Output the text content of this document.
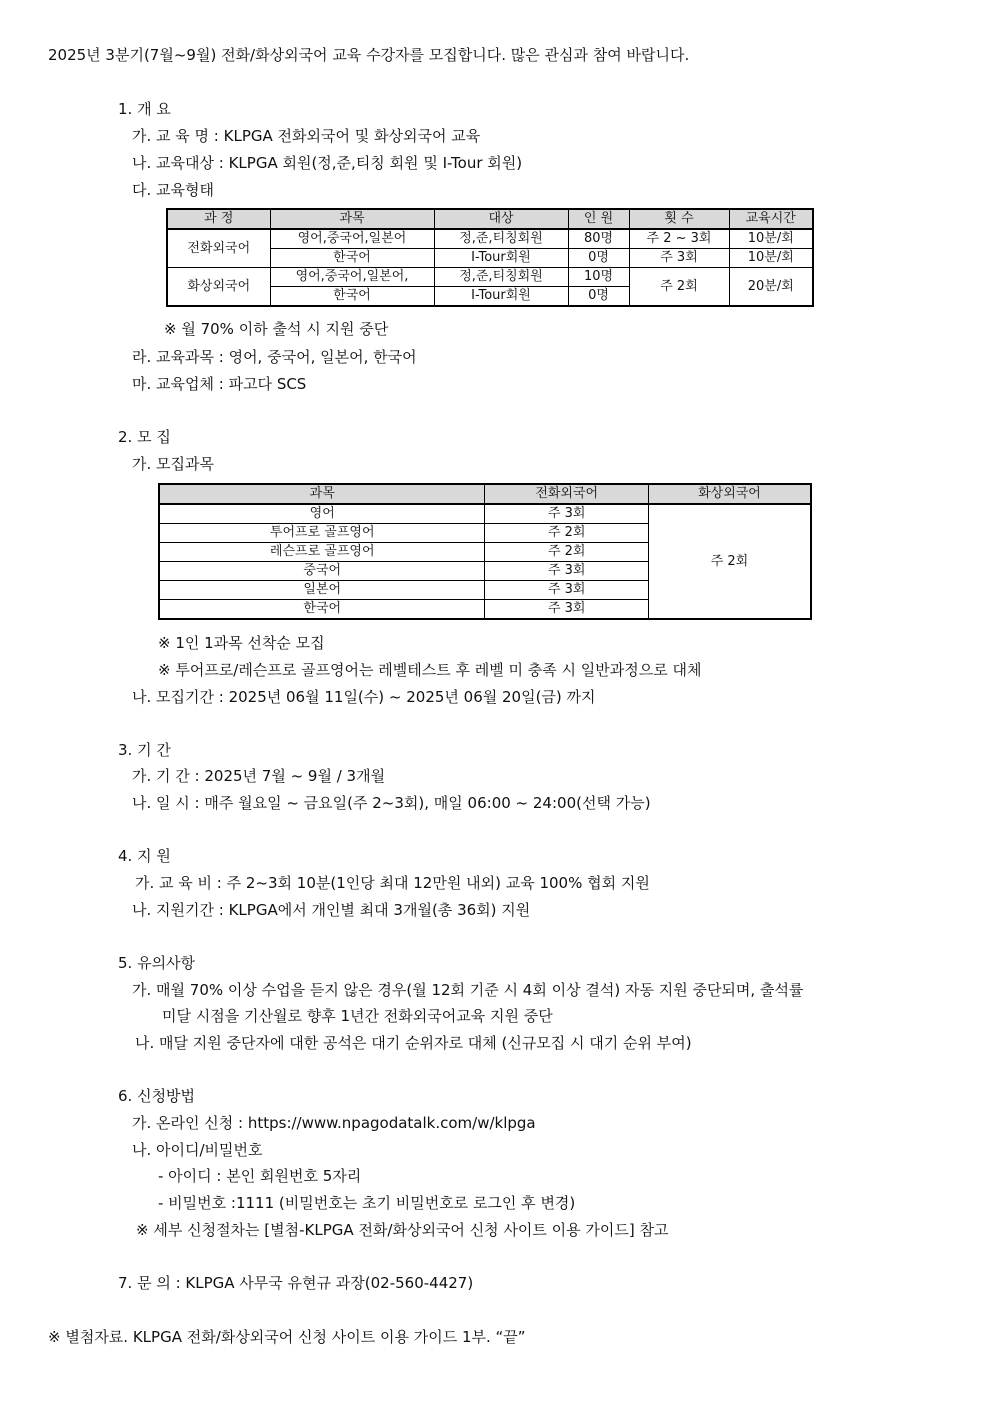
2025년 3분기(7월~9월) 전화/화상외국어 교육 수강자를 모집합니다. 많은 관심과 참여 바랍니다.
1. 개 요
가. 교 육 명 : KLPGA 전화외국어 및 화상외국어 교육
나. 교육대상 : KLPGA 회원(정,준,티칭 회원 및 I-Tour 회원)
다. 교육형태
과 정	과목	대상	인 원	횟 수	교육시간
전화외국어	영어,중국어,일본어	정,준,티칭회원	80명	주 2 ~ 3회	10분/회
	한국어	I-Tour회원	0명	주 3회	10분/회
화상외국어	영어,중국어,일본어,	정,준,티칭회원	10명	주 2회	20분/회
	한국어	I-Tour회원	0명		
※ 월 70% 이하 출석 시 지원 중단
라. 교육과목 : 영어, 중국어, 일본어, 한국어
마. 교육업체 : 파고다 SCS
2. 모 집
가. 모집과목
과목	전화외국어	화상외국어
영어	주 3회	주 2회
투어프로 골프영어	주 2회	
레슨프로 골프영어	주 2회	
중국어	주 3회	
일본어	주 3회	
한국어	주 3회	
※ 1인 1과목 선착순 모집
※ 투어프로/레슨프로 골프영어는 레벨테스트 후 레벨 미 충족 시 일반과정으로 대체
나. 모집기간 : 2025년 06월 11일(수) ~ 2025년 06월 20일(금) 까지
3. 기 간
가. 기 간 : 2025년 7월 ~ 9월 / 3개월
나. 일 시 : 매주 월요일 ~ 금요일(주 2~3회), 매일 06:00 ~ 24:00(선택 가능)
4. 지 원
가. 교 육 비 : 주 2~3회 10분(1인당 최대 12만원 내외) 교육 100% 협회 지원
나. 지원기간 : KLPGA에서 개인별 최대 3개월(총 36회) 지원
5. 유의사항
가. 매월 70% 이상 수업을 듣지 않은 경우(월 12회 기준 시 4회 이상 결석) 자동 지원 중단되며, 출석률
미달 시점을 기산월로 향후 1년간 전화외국어교육 지원 중단
나. 매달 지원 중단자에 대한 공석은 대기 순위자로 대체 (신규모집 시 대기 순위 부여)
6. 신청방법
가. 온라인 신청 : https://www.npagodatalk.com/w/klpga
나. 아이디/비밀번호
- 아이디 : 본인 회원번호 5자리
- 비밀번호 :1111 (비밀번호는 초기 비밀번호로 로그인 후 변경)
※ 세부 신청절차는 [별첨-KLPGA 전화/화상외국어 신청 사이트 이용 가이드] 참고
7. 문 의 : KLPGA 사무국 유현규 과장(02-560-4427)
※ 별첨자료. KLPGA 전화/화상외국어 신청 사이트 이용 가이드 1부. “끝”
